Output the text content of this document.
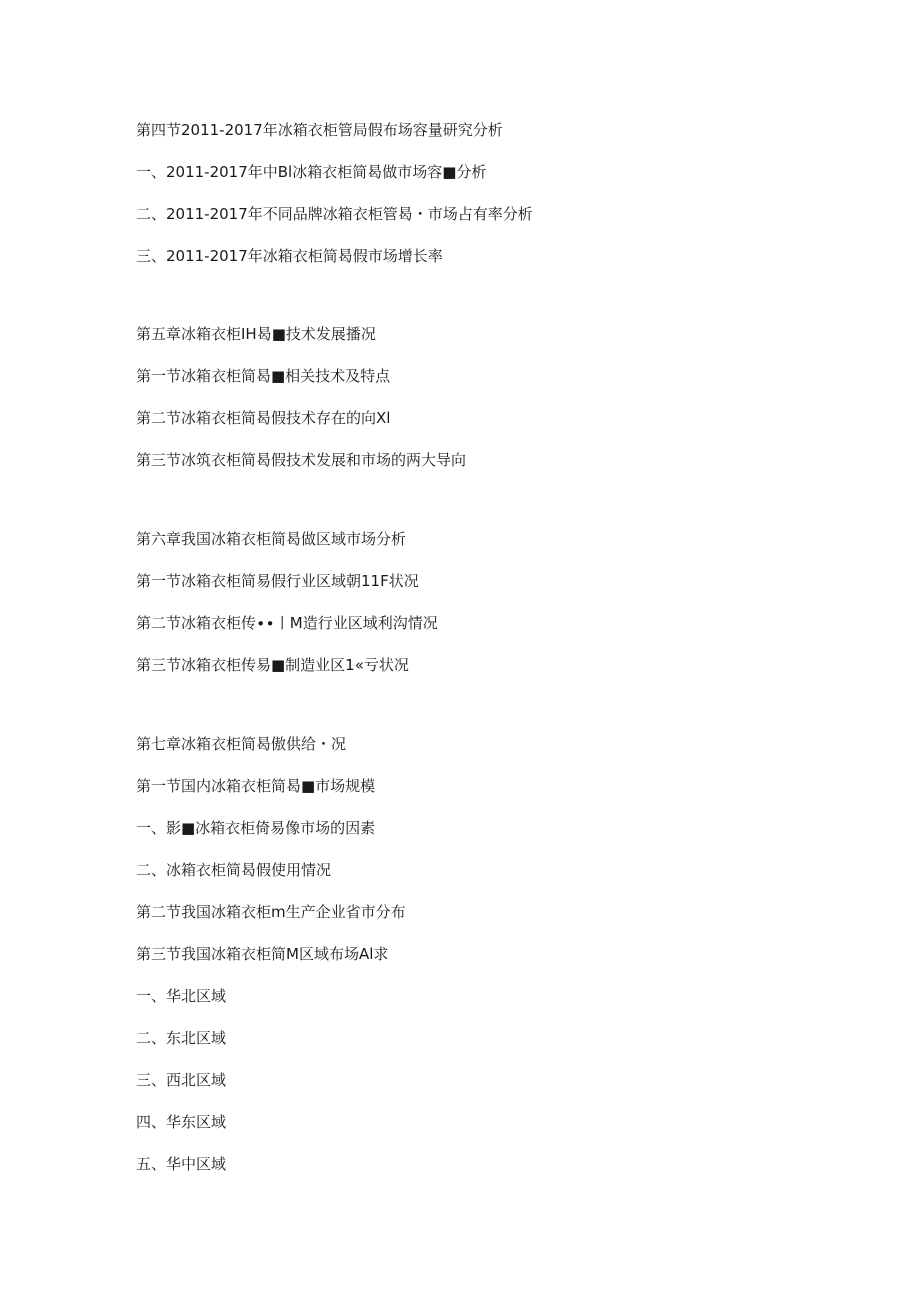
第四节2011-2017年冰箱衣柜管局假布场容量研究分析
一、2011-2017年中Bl冰箱衣柜简曷做市场容■分析
二、2011-2017年不同品牌冰箱衣柜管曷・市场占有率分析
三、2011-2017年冰箱衣柜简曷假市场增长率
第五章冰箱衣柜IH曷■技术发展播况
第一节冰箱衣柜简曷■相关技术及特点
第二节冰箱衣柜简曷假技术存在的向Xl
第三节冰筑衣柜简曷假技术发展和市场的两大导向
第六章我国冰箱衣柜简曷做区域市场分析
第一节冰箱衣柜简易假行业区域朝11F状况
第二节冰箱衣柜传∙∙丨M造行业区域利沟情况
第三节冰箱衣柜传易■制造业区1«亏状况
第七章冰箱衣柜简曷傲供给・况
第一节国内冰箱衣柜简曷■市场规模
一、影■冰箱衣柜倚易像市场的因素
二、冰箱衣柜简曷假使用情况
第二节我国冰箱衣柜m生产企业省市分布
第三节我国冰箱衣柜简M区域布场Al求
一、华北区域
二、东北区域
三、西北区域
四、华东区域
五、华中区域
